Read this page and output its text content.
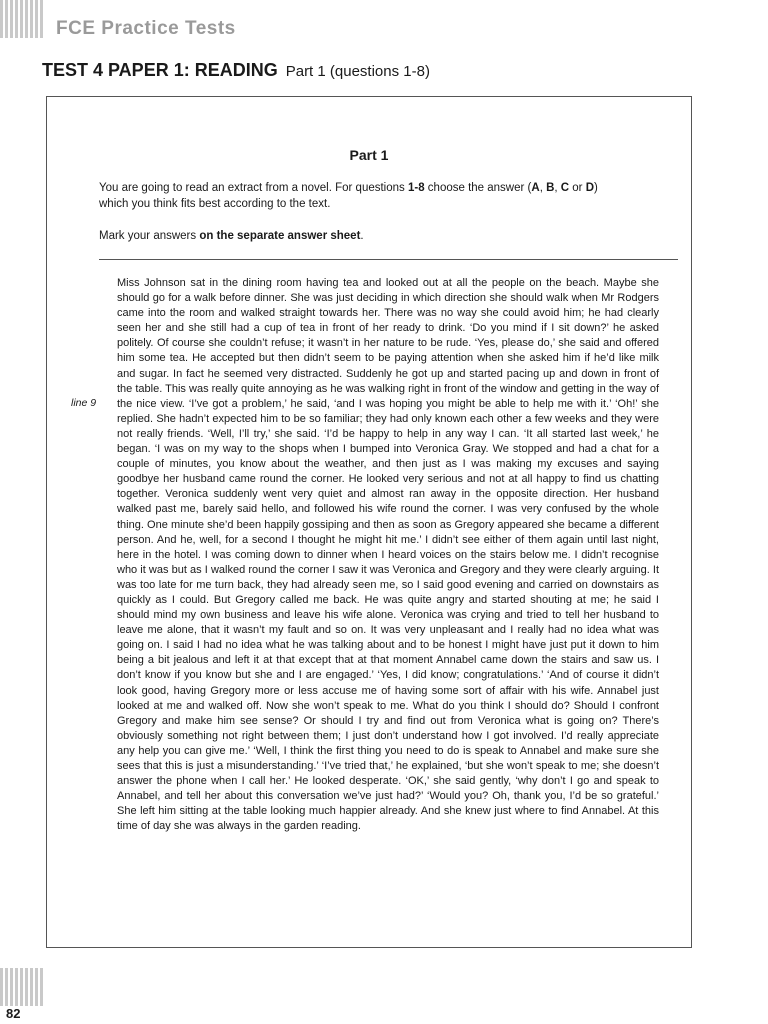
FCE Practice Tests
TEST 4 PAPER 1: READING Part 1 (questions 1-8)
Part 1

You are going to read an extract from a novel. For questions 1-8 choose the answer (A, B, C or D)
which you think fits best according to the text.

Mark your answers on the separate answer sheet.

line 9

Miss Johnson sat in the dining room having tea and looked out at all the people on the beach. Maybe she should go for a walk before dinner. She was just deciding in which direction she should walk when Mr Rodgers came into the room and walked straight towards her. There was no way she could avoid him; he had clearly seen her and she still had a cup of tea in front of her ready to drink. ‘Do you mind if I sit down?’ he asked politely. Of course she couldn’t refuse; it wasn’t in her nature to be rude. ‘Yes, please do,’ she said and offered him some tea. He accepted but then didn’t seem to be paying attention when she asked him if he’d like milk and sugar. In fact he seemed very distracted. Suddenly he got up and started pacing up and down in front of the table. This was really quite annoying as he was walking right in front of the window and getting in the way of the nice view. ‘I’ve got a problem,’ he said, ‘and I was hoping you might be able to help me with it.’ ‘Oh!’ she replied. She hadn’t expected him to be so familiar; they had only known each other a few weeks and they were not really friends. ‘Well, I’ll try,’ she said. ‘I’d be happy to help in any way I can. ‘It all started last week,’ he began. ‘I was on my way to the shops when I bumped into Veronica Gray. We stopped and had a chat for a couple of minutes, you know about the weather, and then just as I was making my excuses and saying goodbye her husband came round the corner. He looked very serious and not at all happy to find us chatting together. Veronica suddenly went very quiet and almost ran away in the opposite direction. Her husband walked past me, barely said hello, and followed his wife round the corner. I was very confused by the whole thing. One minute she’d been happily gossiping and then as soon as Gregory appeared she became a different person. And he, well, for a second I thought he might hit me.’ I didn’t see either of them again until last night, here in the hotel. I was coming down to dinner when I heard voices on the stairs below me. I didn’t recognise who it was but as I walked round the corner I saw it was Veronica and Gregory and they were clearly arguing. It was too late for me turn back, they had already seen me, so I said good evening and carried on downstairs as quickly as I could. But Gregory called me back. He was quite angry and started shouting at me; he said I should mind my own business and leave his wife alone. Veronica was crying and tried to tell her husband to leave me alone, that it wasn’t my fault and so on. It was very unpleasant and I really had no idea what was going on. I said I had no idea what he was talking about and to be honest I might have just put it down to him being a bit jealous and left it at that except that at that moment Annabel came down the stairs and saw us. I don’t know if you know but she and I are engaged.’ ‘Yes, I did know; congratulations.’ ‘And of course it didn’t look good, having Gregory more or less accuse me of having some sort of affair with his wife. Annabel just looked at me and walked off. Now she won’t speak to me. What do you think I should do? Should I confront Gregory and make him see sense? Or should I try and find out from Veronica what is going on? There’s obviously something not right between them; I just don’t understand how I got involved. I’d really appreciate any help you can give me.’ ‘Well, I think the first thing you need to do is speak to Annabel and make sure she sees that this is just a misunderstanding.’ ‘I’ve tried that,’ he explained, ‘but she won’t speak to me; she doesn’t answer the phone when I call her.’ He looked desperate. ‘OK,’ she said gently, ‘why don’t I go and speak to Annabel, and tell her about this conversation we’ve just had?’ ‘Would you? Oh, thank you, I’d be so grateful.’ She left him sitting at the table looking much happier already. And she knew just where to find Annabel. At this time of day she was always in the garden reading.

82
